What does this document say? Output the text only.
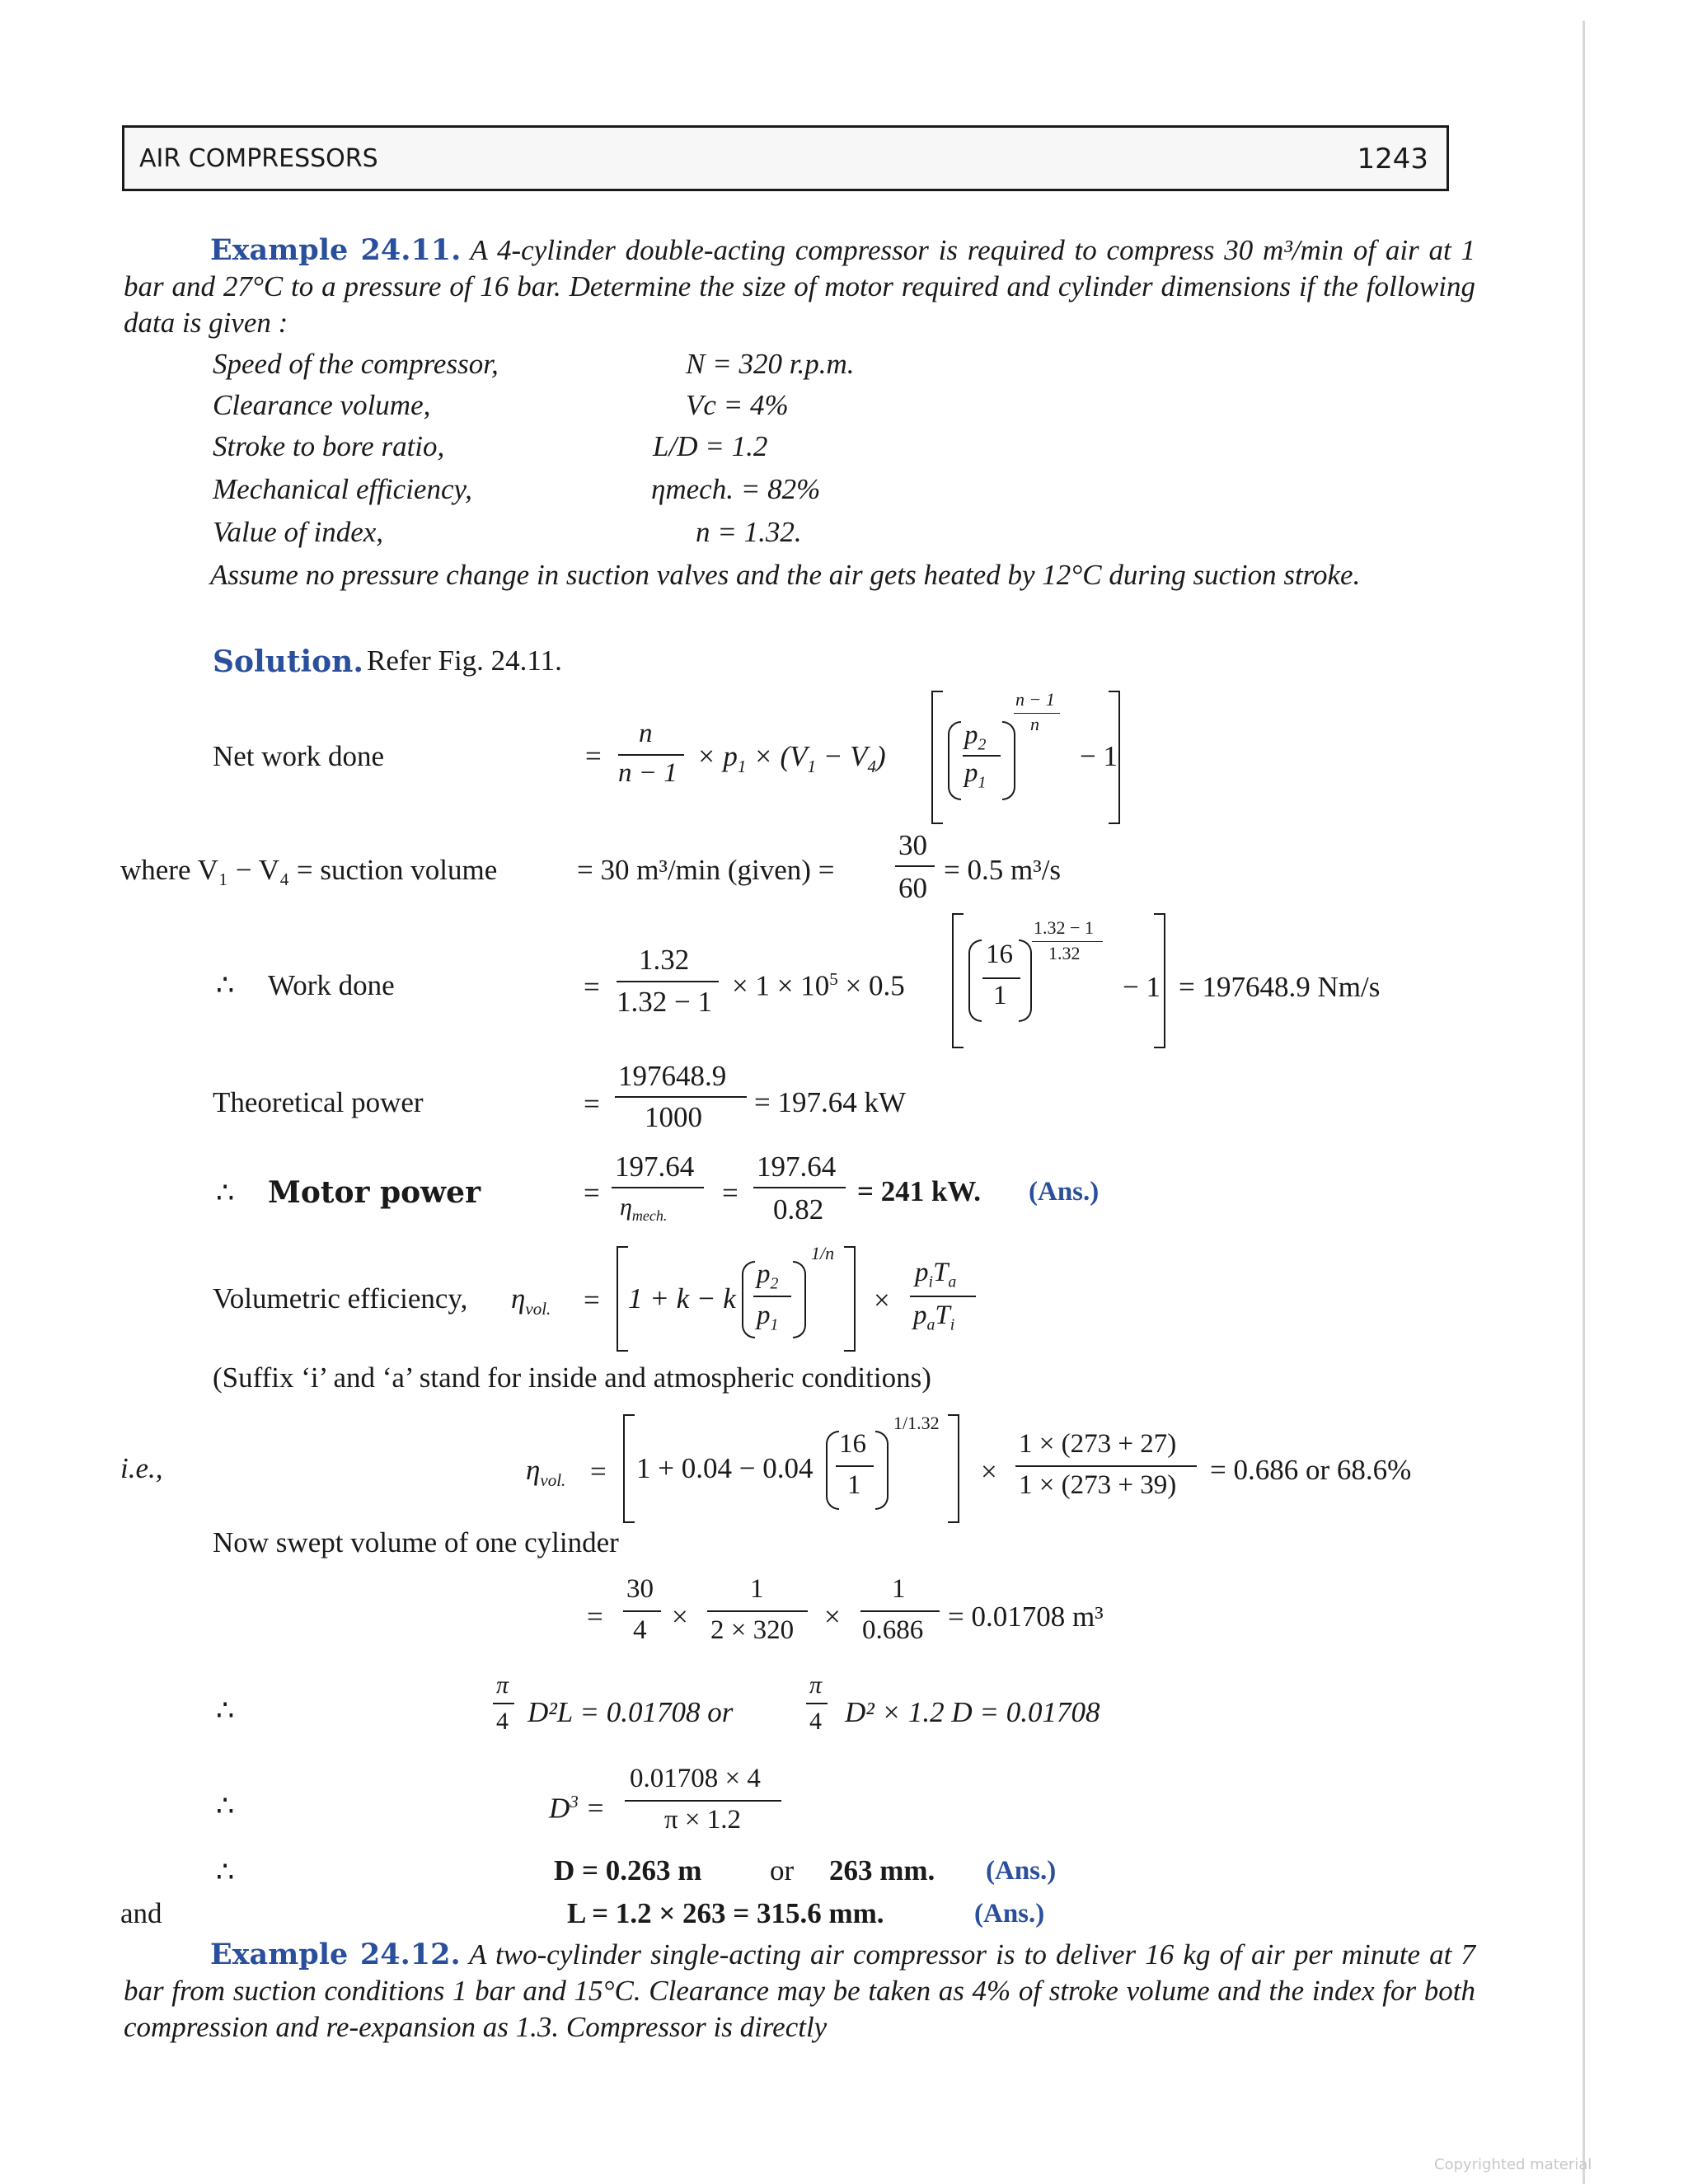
AIR COMPRESSORS	1243
Example 24.11. A 4-cylinder double-acting compressor is required to compress 30 m³/min of air at 1 bar and 27°C to a pressure of 16 bar. Determine the size of motor required and cylinder dimensions if the following data is given :
Speed of the compressor,	N = 320 r.p.m.
Clearance volume,	Vc = 4%
Stroke to bore ratio,	L/D = 1.2
Mechanical efficiency,	ηmech. = 82%
Value of index,	n = 1.32.
Assume no pressure change in suction valves and the air gets heated by 12°C during suction stroke.
Solution. Refer Fig. 24.11.
Net work done	=
n
n − 1
× $p_1 \times (V_1 - V_4)$
$p_2$
$p_1$
n − 1
n
− 1
where V₁ − V₄ = suction volume	= 30 m³/min (given) =
30
60
= 0.5 m³/s
∴ Work done	=
1.32
$1.32 - 1 \times 1 \times 10^5 \times 0.5$
16
1
1.32 − 1
1.32
− 1 = 197648.9 Nm/s
Theoretical power	=
197648.9
1000 = 197.64 kW
∴ Motor power	=
197.64
$\eta_{mech.}$
=
197.64
0.82
= 241 kW. (Ans.)
Volumetric efficiency, $\eta_{vol.} = 1 + k - k$
$p_2$
$p_1$
1/n
×
$p_iT_a$
$p_aT_i$
(Suffix ‘i’ and ‘a’ stand for inside and atmospheric conditions)
i.e.,	$\eta_{vol.} = 1 + 0.04 - 0.04$
16
1
1/1.32
×
1 × (273 + 27)
1 × (273 + 39) = 0.686 or 68.6%
Now swept volume of one cylinder
=
30
4 ×
1
2 × 320 ×
1
0.686 = 0.01708 m³
∴
π
4 D²L = 0.01708 or
π
4 D² × 1.2 D = 0.01708
∴	$D^3$ =
0.01708 × 4
π × 1.2
∴	D = 0.263 m or 263 mm. (Ans.)
and	L = 1.2 × 263 = 315.6 mm.	(Ans.)
Example 24.12. A two-cylinder single-acting air compressor is to deliver 16 kg of air per minute at 7 bar from suction conditions 1 bar and 15°C. Clearance may be taken as 4% of stroke volume and the index for both compression and re-expansion as 1.3. Compressor is directly
Copyrighted material
